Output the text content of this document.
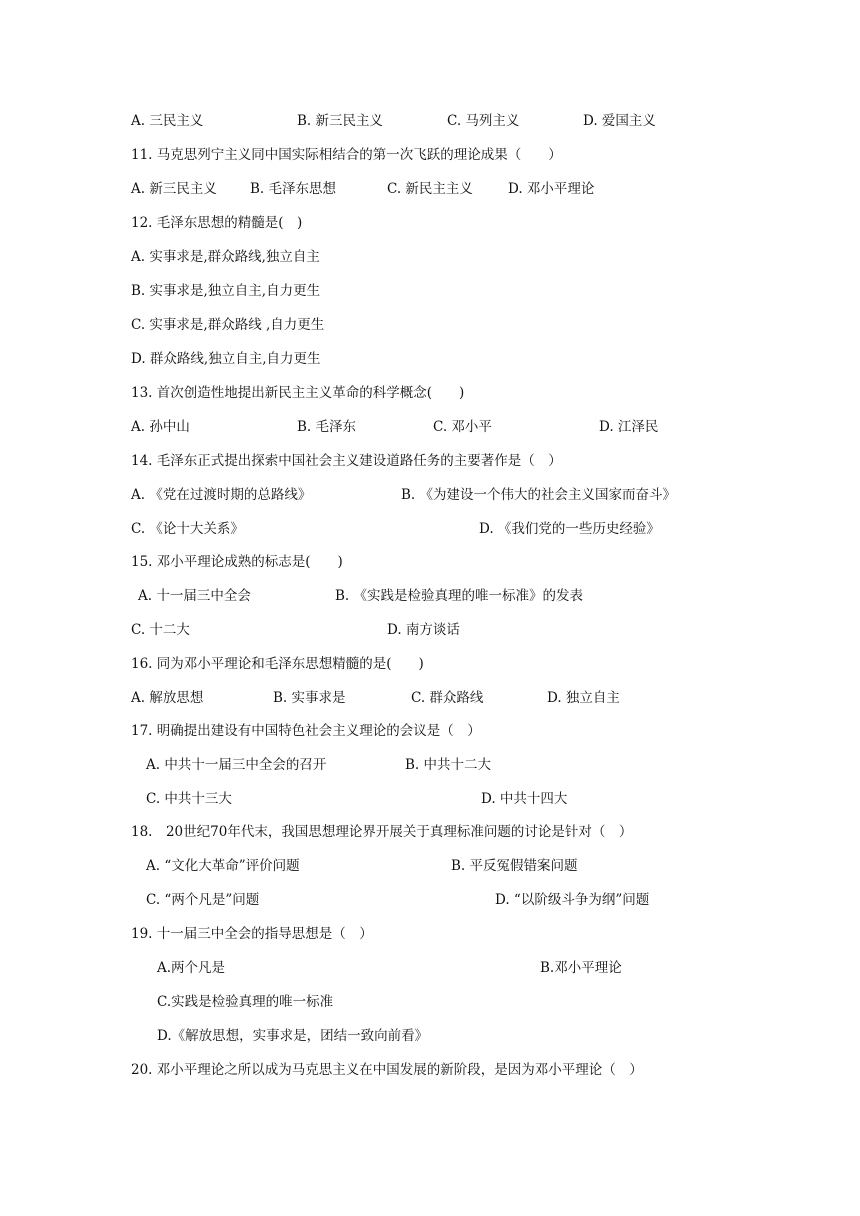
A. 三民主义	B. 新三民主义	C. 马列主义	D. 爱国主义
11. 马克思列宁主义同中国实际相结合的第一次飞跃的理论成果（　　）
A. 新三民主义 B. 毛泽东思想	C. 新民主主义	D. 邓小平理论
12. 毛泽东思想的精髓是(　)
A. 实事求是,群众路线,独立自主
B. 实事求是,独立自主,自力更生
C. 实事求是,群众路线 ,自力更生
D. 群众路线,独立自主,自力更生
13. 首次创造性地提出新民主主义革命的科学概念(　　)
A. 孙中山	B. 毛泽东	C. 邓小平	D. 江泽民
14. 毛泽东正式提出探索中国社会主义建设道路任务的主要著作是（　）
A. 《党在过渡时期的总路线》	B. 《为建设一个伟大的社会主义国家而奋斗》
C. 《论十大关系》	D. 《我们党的一些历史经验》
15. 邓小平理论成熟的标志是(　　)
A. 十一届三中全会	B. 《实践是检验真理的唯一标准》的发表
C. 十二大	D. 南方谈话
16. 同为邓小平理论和毛泽东思想精髓的是(　　)
A. 解放思想	B. 实事求是	C. 群众路线	D. 独立自主
17. 明确提出建设有中国特色社会主义理论的会议是（　）
A. 中共十一届三中全会的召开	B. 中共十二大
C. 中共十三大	D. 中共十四大
18.　20世纪70年代末，我国思想理论界开展关于真理标准问题的讨论是针对（　）
A. “文化大革命”评价问题	B. 平反冤假错案问题
C. “两个凡是”问题	D. “以阶级斗争为纲”问题
19. 十一届三中全会的指导思想是（　）
A.两个凡是	B.邓小平理论
C.实践是检验真理的唯一标准
D.《解放思想，实事求是，团结一致向前看》
20. 邓小平理论之所以成为马克思主义在中国发展的新阶段，是因为邓小平理论（　）
